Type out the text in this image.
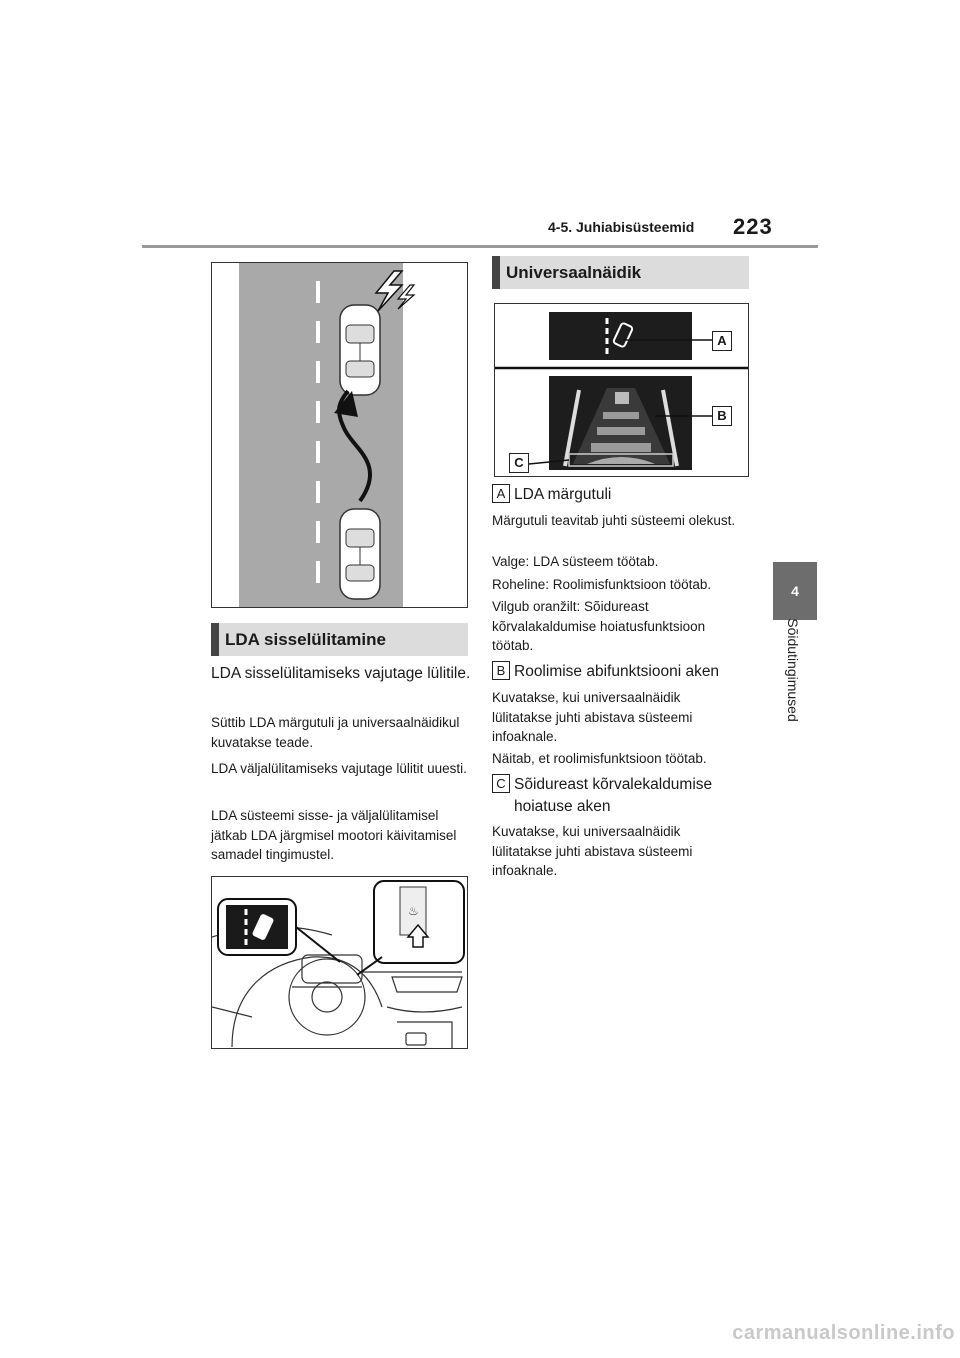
4-5. Juhiabisüsteemid 223
4
Sõidutingimused
LDA sisselülitamine
LDA sisselülitamiseks vajutage lülitile.
Süttib LDA märgutuli ja universaalnäidikul kuvatakse teade.
LDA väljalülitamiseks vajutage lülitit uuesti.
LDA süsteemi sisse- ja väljalülitamisel jätkab LDA järgmisel mootori käivitamisel samadel tingimustel.
♨
Universaalnäidik
A
B
C
A LDA märgutuli
Märgutuli teavitab juhti süsteemi olekust.
Valge: LDA süsteem töötab.
Roheline: Roolimisfunktsioon töötab.
Vilgub oranžilt: Sõidureast kõrvalakaldumise hoiatusfunktsioon töötab.
B Roolimise abifunktsiooni aken
Kuvatakse, kui universaalnäidik lülitatakse juhti abistava süsteemi infoaknale.
Näitab, et roolimisfunktsioon töötab.
C Sõidureast kõrvalekaldumise hoiatuse aken
Kuvatakse, kui universaalnäidik lülitatakse juhti abistava süsteemi infoaknale.
carmanualsonline.info
